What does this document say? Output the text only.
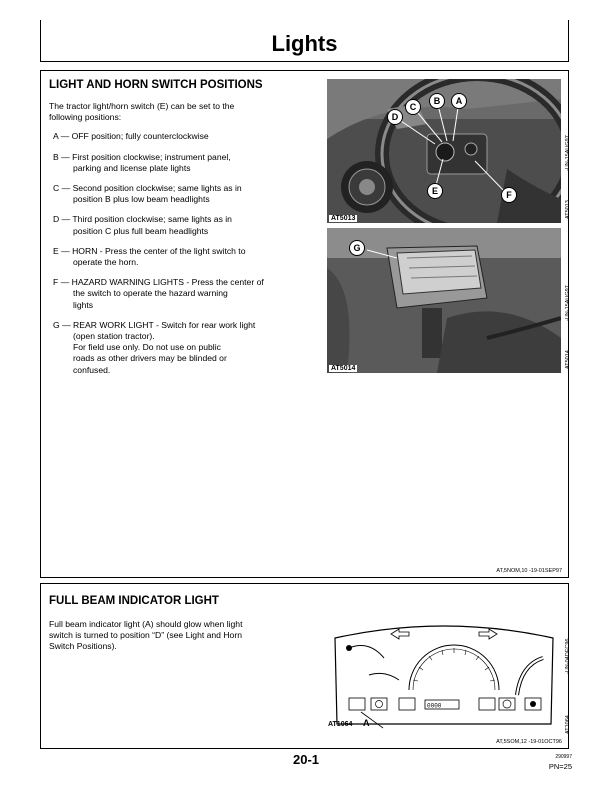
Lights
LIGHT AND HORN SWITCH POSITIONS
The tractor light/horn switch (E) can be set to the
following positions:
A — OFF position; fully counterclockwise
B — First position clockwise; instrument panel,
parking and license plate lights
C — Second position clockwise; same lights as in
position B plus low beam headlights
D — Third position clockwise; same lights as in
position C plus full beam headlights
E — HORN - Press the center of the light switch to
operate the horn.
F — HAZARD WARNING LIGHTS - Press the center of
the switch to operate the hazard warning
lights
G — REAR WORK LIGHT - Switch for rear work light
(open station tractor).
For field use only. Do not use on public
roads as other drivers may be blinded or
confused.
D
C
B	A
E	F
AT5013
-UN-15AUG97
AT5013
G
AT5014
-UN-15AUG97
AT5014
AT,5NOM,10 -19-01SEP97
FULL BEAM INDICATOR LIGHT
Full beam indicator light (A) should glow when light
switch is turned to position “D” (see Light and Horn
Switch Positions).
0000
AT1064 A
-UN-04DEC96
AT1064
AT,5SOM,12 -19-01OCT96
20-1	290997
PN=25
